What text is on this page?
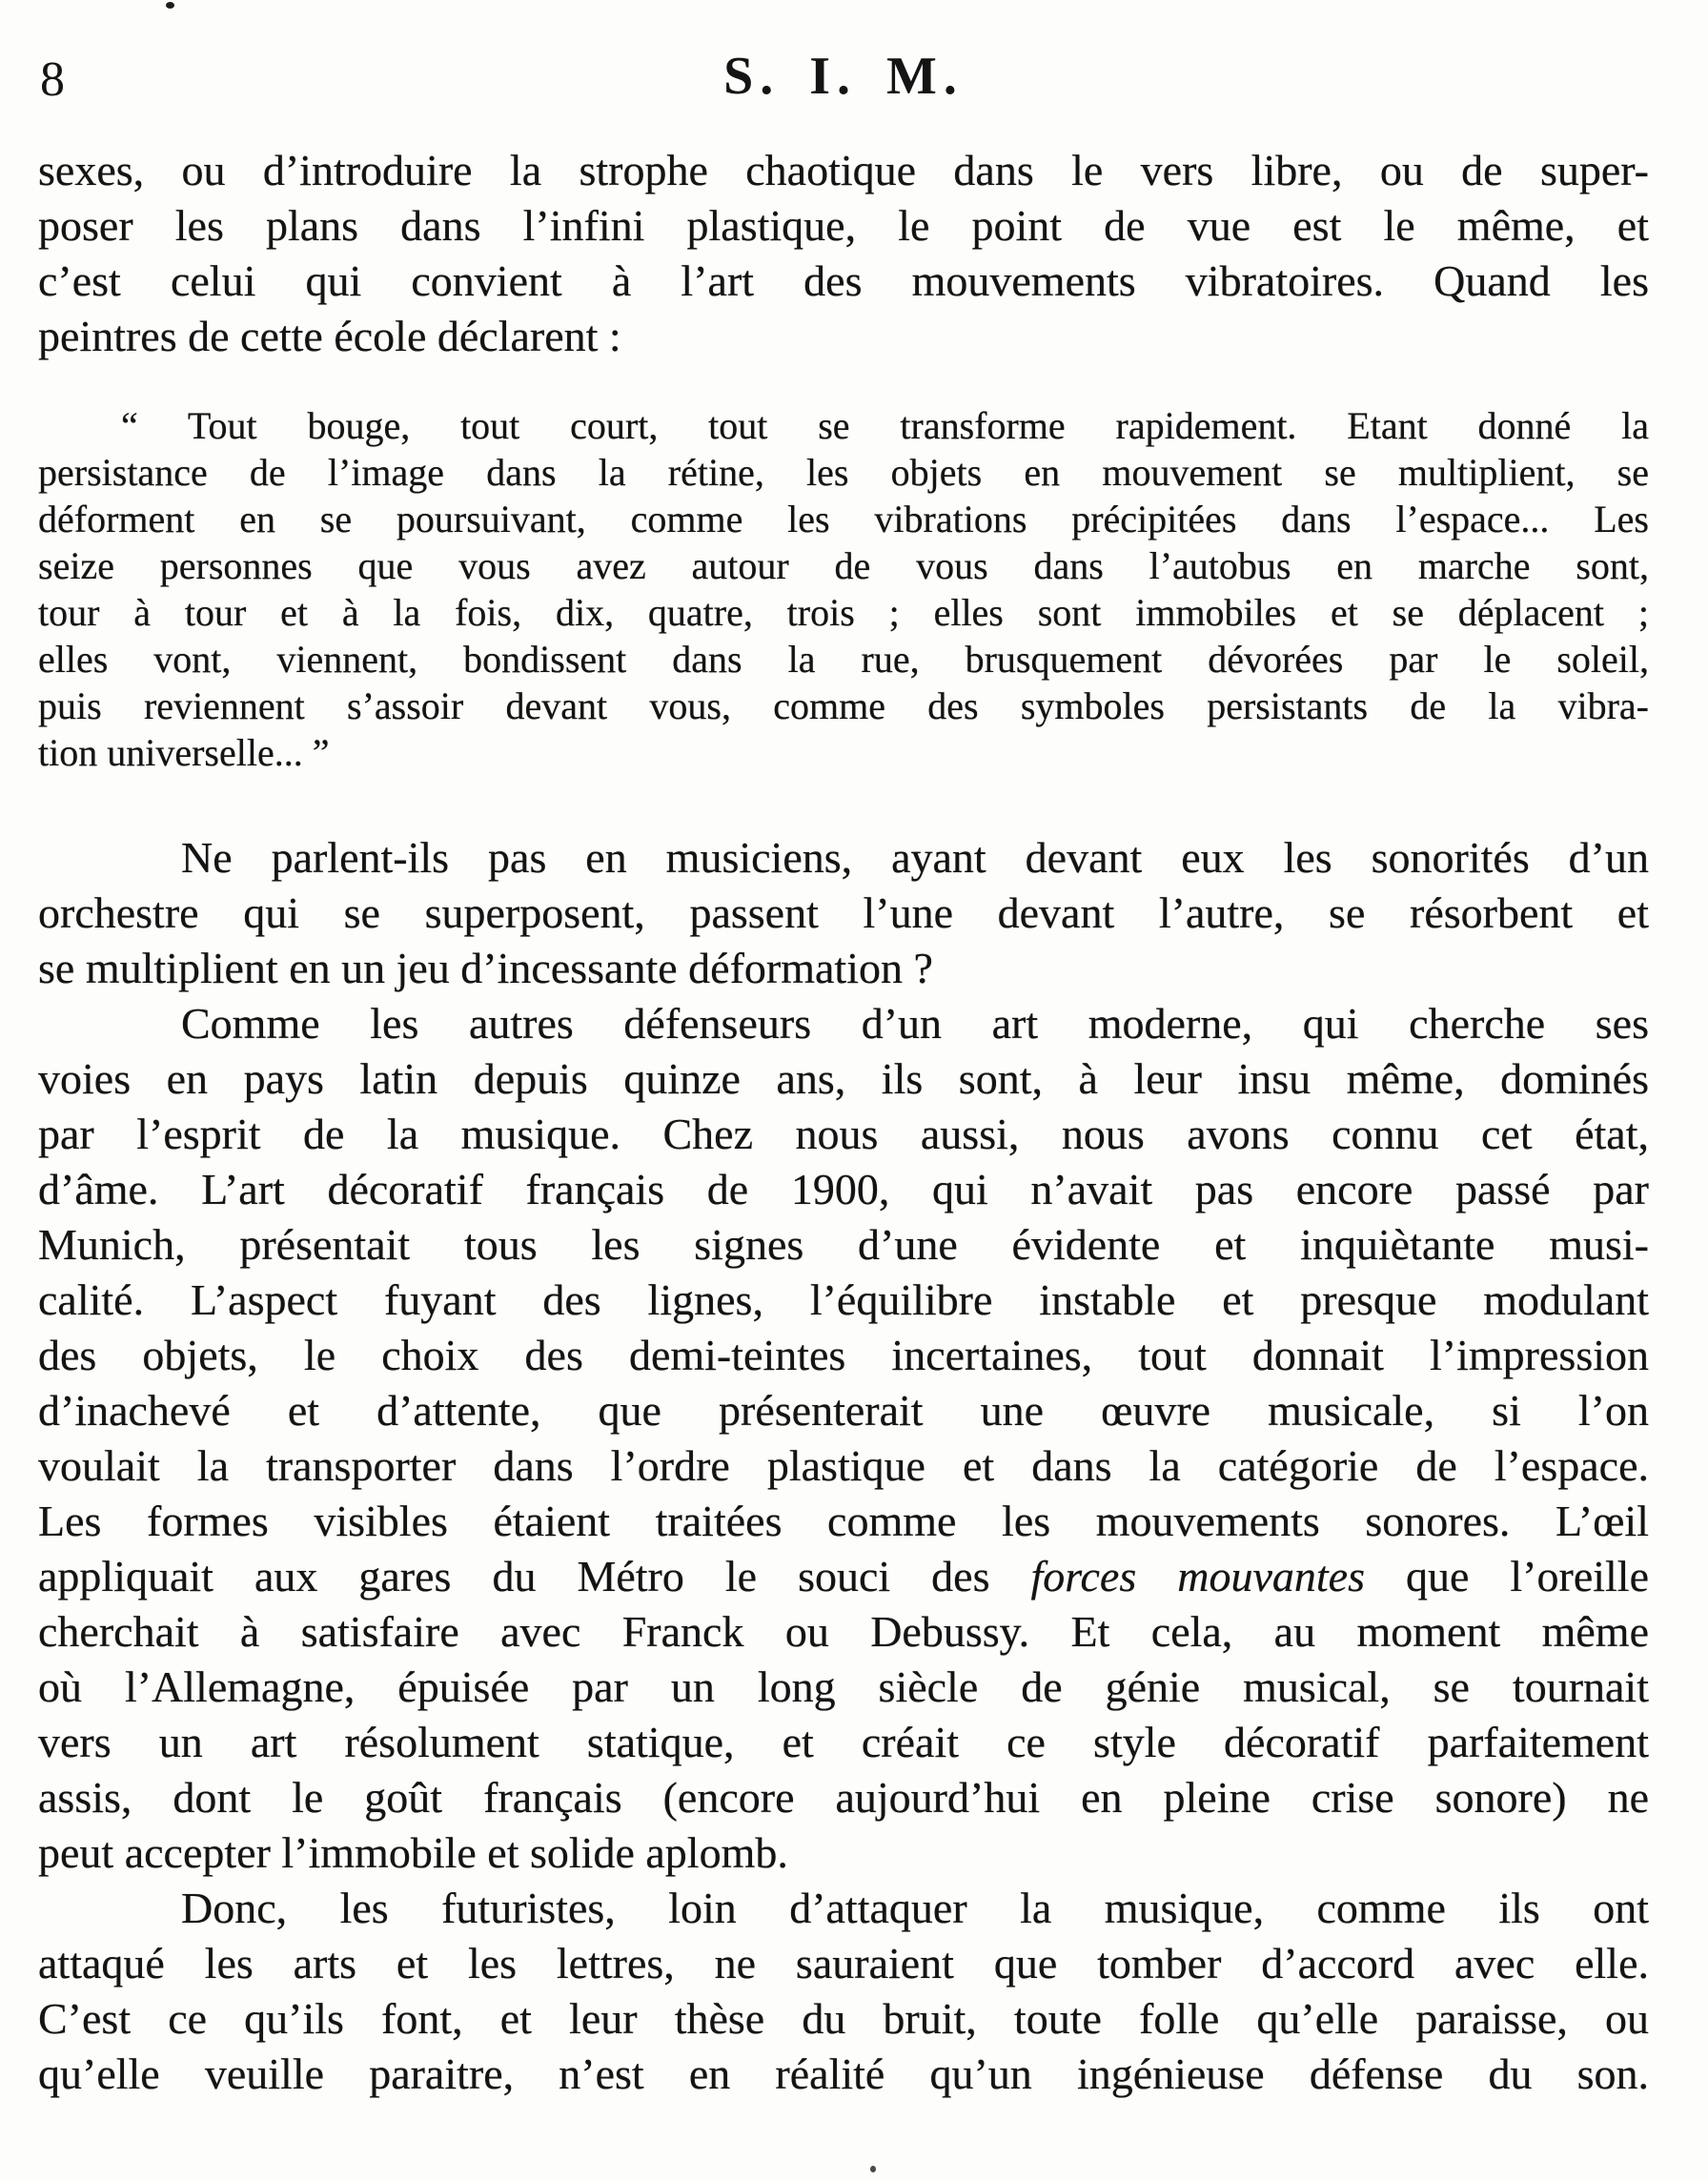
8	S. I. M.
sexes, ou d’introduire la strophe chaotique dans le vers libre, ou de super-
poser les plans dans l’infini plastique, le point de vue est le même, et
c’est celui qui convient à l’art des mouvements vibratoires. Quand les
peintres de cette école déclarent :
“ Tout bouge, tout court, tout se transforme rapidement. Etant donné la
persistance de l’image dans la rétine, les objets en mouvement se multiplient, se
déforment en se poursuivant, comme les vibrations précipitées dans l’espace... Les
seize personnes que vous avez autour de vous dans l’autobus en marche sont,
tour à tour et à la fois, dix, quatre, trois ; elles sont immobiles et se déplacent ;
elles vont, viennent, bondissent dans la rue, brusquement dévorées par le soleil,
puis reviennent s’assoir devant vous, comme des symboles persistants de la vibra-
tion universelle... ”
Ne parlent-ils pas en musiciens, ayant devant eux les sonorités d’un
orchestre qui se superposent, passent l’une devant l’autre, se résorbent et
se multiplient en un jeu d’incessante déformation ?
Comme les autres défenseurs d’un art moderne, qui cherche ses
voies en pays latin depuis quinze ans, ils sont, à leur insu même, dominés
par l’esprit de la musique. Chez nous aussi, nous avons connu cet état,
d’âme. L’art décoratif français de 1900, qui n’avait pas encore passé par
Munich, présentait tous les signes d’une évidente et inquiètante musi-
calité. L’aspect fuyant des lignes, l’équilibre instable et presque modulant
des objets, le choix des demi-teintes incertaines, tout donnait l’impression
d’inachevé et d’attente, que présenterait une œuvre musicale, si l’on
voulait la transporter dans l’ordre plastique et dans la catégorie de l’espace.
Les formes visibles étaient traitées comme les mouvements sonores. L’œil
appliquait aux gares du Métro le souci des forces mouvantes que l’oreille
cherchait à satisfaire avec Franck ou Debussy. Et cela, au moment même
où l’Allemagne, épuisée par un long siècle de génie musical, se tournait
vers un art résolument statique, et créait ce style décoratif parfaitement
assis, dont le goût français (encore aujourd’hui en pleine crise sonore) ne
peut accepter l’immobile et solide aplomb.
Donc, les futuristes, loin d’attaquer la musique, comme ils ont
attaqué les arts et les lettres, ne sauraient que tomber d’accord avec elle.
C’est ce qu’ils font, et leur thèse du bruit, toute folle qu’elle paraisse, ou
qu’elle veuille paraitre, n’est en réalité qu’un ingénieuse défense du son.
